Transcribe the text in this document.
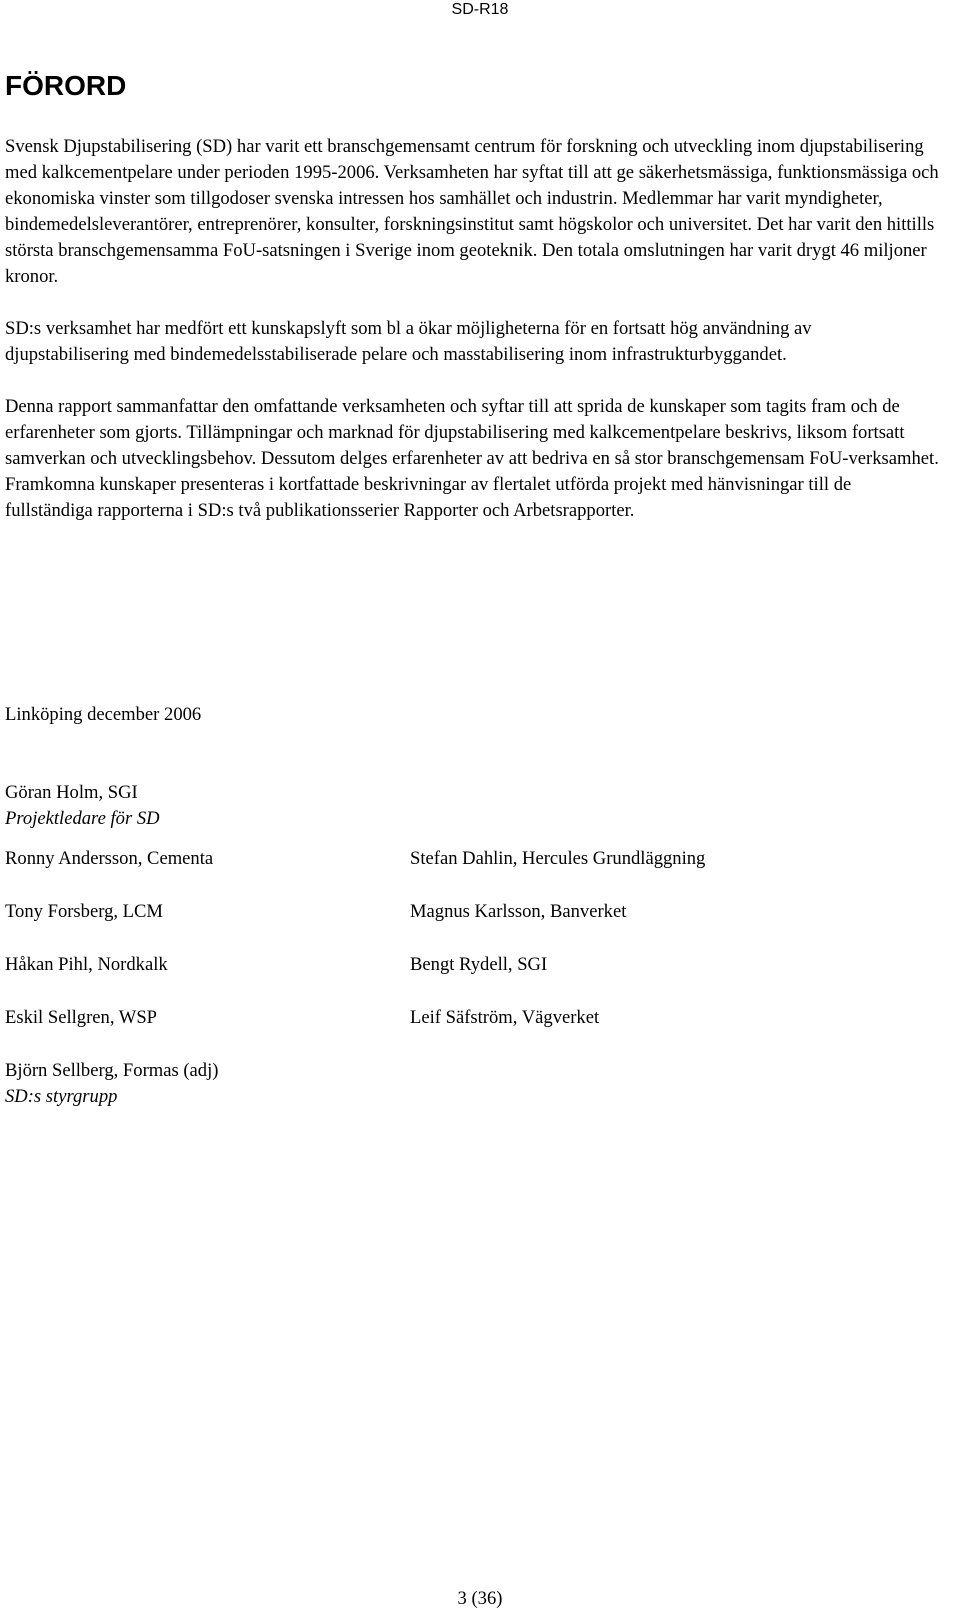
SD-R18
FÖRORD

Svensk Djupstabilisering (SD) har varit ett branschgemensamt centrum för forskning och utveckling inom djupstabilisering med kalkcementpelare under perioden 1995-2006. Verksamheten har syftat till att ge säkerhetsmässiga, funktionsmässiga och ekonomiska vinster som tillgodoser svenska intressen hos samhället och industrin. Medlemmar har varit myndigheter, bindemedelsleverantörer, entreprenörer, konsulter, forskningsinstitut samt högskolor och universitet. Det har varit den hittills största branschgemensamma FoU-satsningen i Sverige inom geoteknik. Den totala omslutningen har varit drygt 46 miljoner kronor.

SD:s verksamhet har medfört ett kunskapslyft som bl a ökar möjligheterna för en fortsatt hög användning av djupstabilisering med bindemedelsstabiliserade pelare och masstabilisering inom infrastrukturbyggandet.

Denna rapport sammanfattar den omfattande verksamheten och syftar till att sprida de kunskaper som tagits fram och de erfarenheter som gjorts. Tillämpningar och marknad för djupstabilisering med kalkcementpelare beskrivs, liksom fortsatt samverkan och utvecklingsbehov. Dessutom delges erfarenheter av att bedriva en så stor branschgemensam FoU-verksamhet. Framkomna kunskaper presenteras i kortfattade beskrivningar av flertalet utförda projekt med hänvisningar till de fullständiga rapporterna i SD:s två publikationsserier Rapporter och Arbetsrapporter.

Linköping december 2006
Göran Holm, SGI
Projektledare för SD
Ronny Andersson, Cementa	Stefan Dahlin, Hercules Grundläggning
Tony Forsberg, LCM	Magnus Karlsson, Banverket
Håkan Pihl, Nordkalk	Bengt Rydell, SGI
Eskil Sellgren, WSP	Leif Säfström, Vägverket
Björn Sellberg, Formas (adj)
SD:s styrgrupp
3 (36)
